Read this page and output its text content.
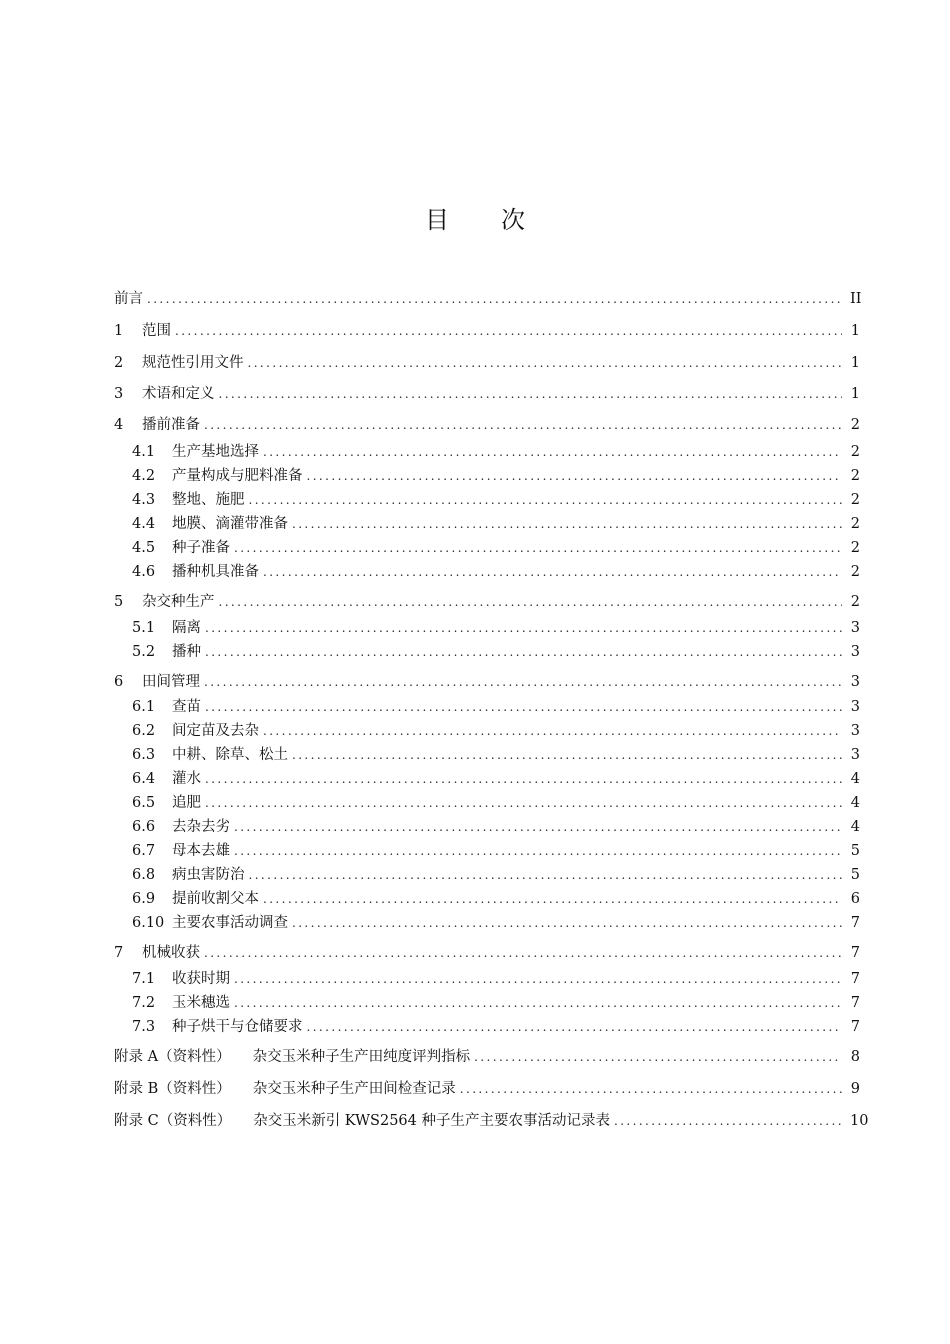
目 次
前言 .....	II
1	范围 .....	1
2	规范性引用文件 .....	1
3	术语和定义 .....	1
4	播前准备 .....	2
4.1	生产基地选择 .....	2
4.2	产量构成与肥料准备 .....	2
4.3	整地、施肥 .....	2
4.4	地膜、滴灌带准备 .....	2
4.5	种子准备 .....	2
4.6	播种机具准备 .....	2
5	杂交种生产 .....	2
5.1	隔离 .....	3
5.2	播种 .....	3
6	田间管理 .....	3
6.1	查苗 .....	3
6.2	间定苗及去杂 .....	3
6.3	中耕、除草、松土 .....	3
6.4	灌水 .....	4
6.5	追肥 .....	4
6.6	去杂去劣 .....	4
6.7	母本去雄 .....	5
6.8	病虫害防治 .....	5
6.9	提前收割父本 .....	6
6.10 主要农事活动调查 .....	7
7	机械收获 .....	7
7.1	收获时期 .....	7
7.2	玉米穗选 .....	7
7.3	种子烘干与仓储要求 .....	7
附录 A（资料性）	杂交玉米种子生产田纯度评判指标 .....	8
附录 B（资料性）	杂交玉米种子生产田间检查记录 .....	9
附录 C（资料性）	杂交玉米新引 KWS2564 种子生产主要农事活动记录表 .....	10
